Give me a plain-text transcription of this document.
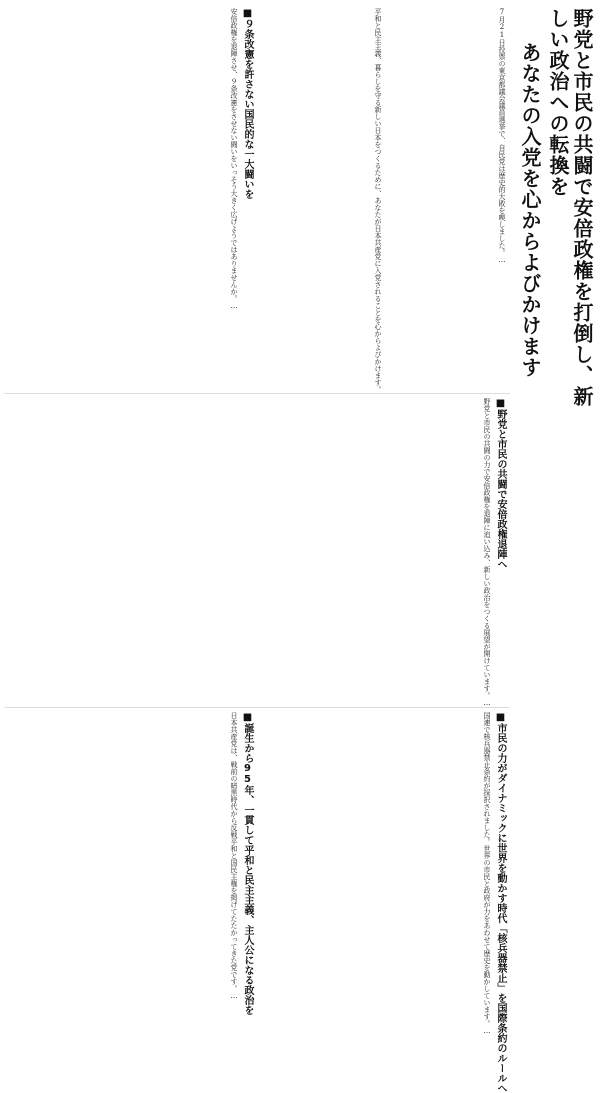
野党と市民の共闘で安倍政権を打倒し、新しい政治への転換を
あなたの入党を心からよびかけます
7月21日投票の東京都議会議員選挙で、自民党は歴史的大敗を喫しました。…
平和と民主主義、暮らしを守る新しい日本をつくるために、あなたが日本共産党に入党されることを心からよびかけます。
■９条改憲を許さない国民的な一大闘いを
安倍政権を退陣させ、９条改憲をさせない闘いをいっそう大きく広げようではありませんか。…
■野党と市民の共闘で安倍政権退陣へ
野党と市民の共闘の力で安倍政権を退陣に追い込み、新しい政治をつくる展望が開けています。…
■市民の力がダイナミックに世界を動かす時代「核兵器禁止」を国際条約のルールへ
国連で核兵器禁止条約が採択されました。世界の市民と政府が力をあわせて歴史を動かしています。…
■誕生から95年、一貫して平和と民主主義、主人公になる政治を
日本共産党は、戦前の暗黒時代から反戦平和と国民主権を掲げてたたかってきた党です。…
